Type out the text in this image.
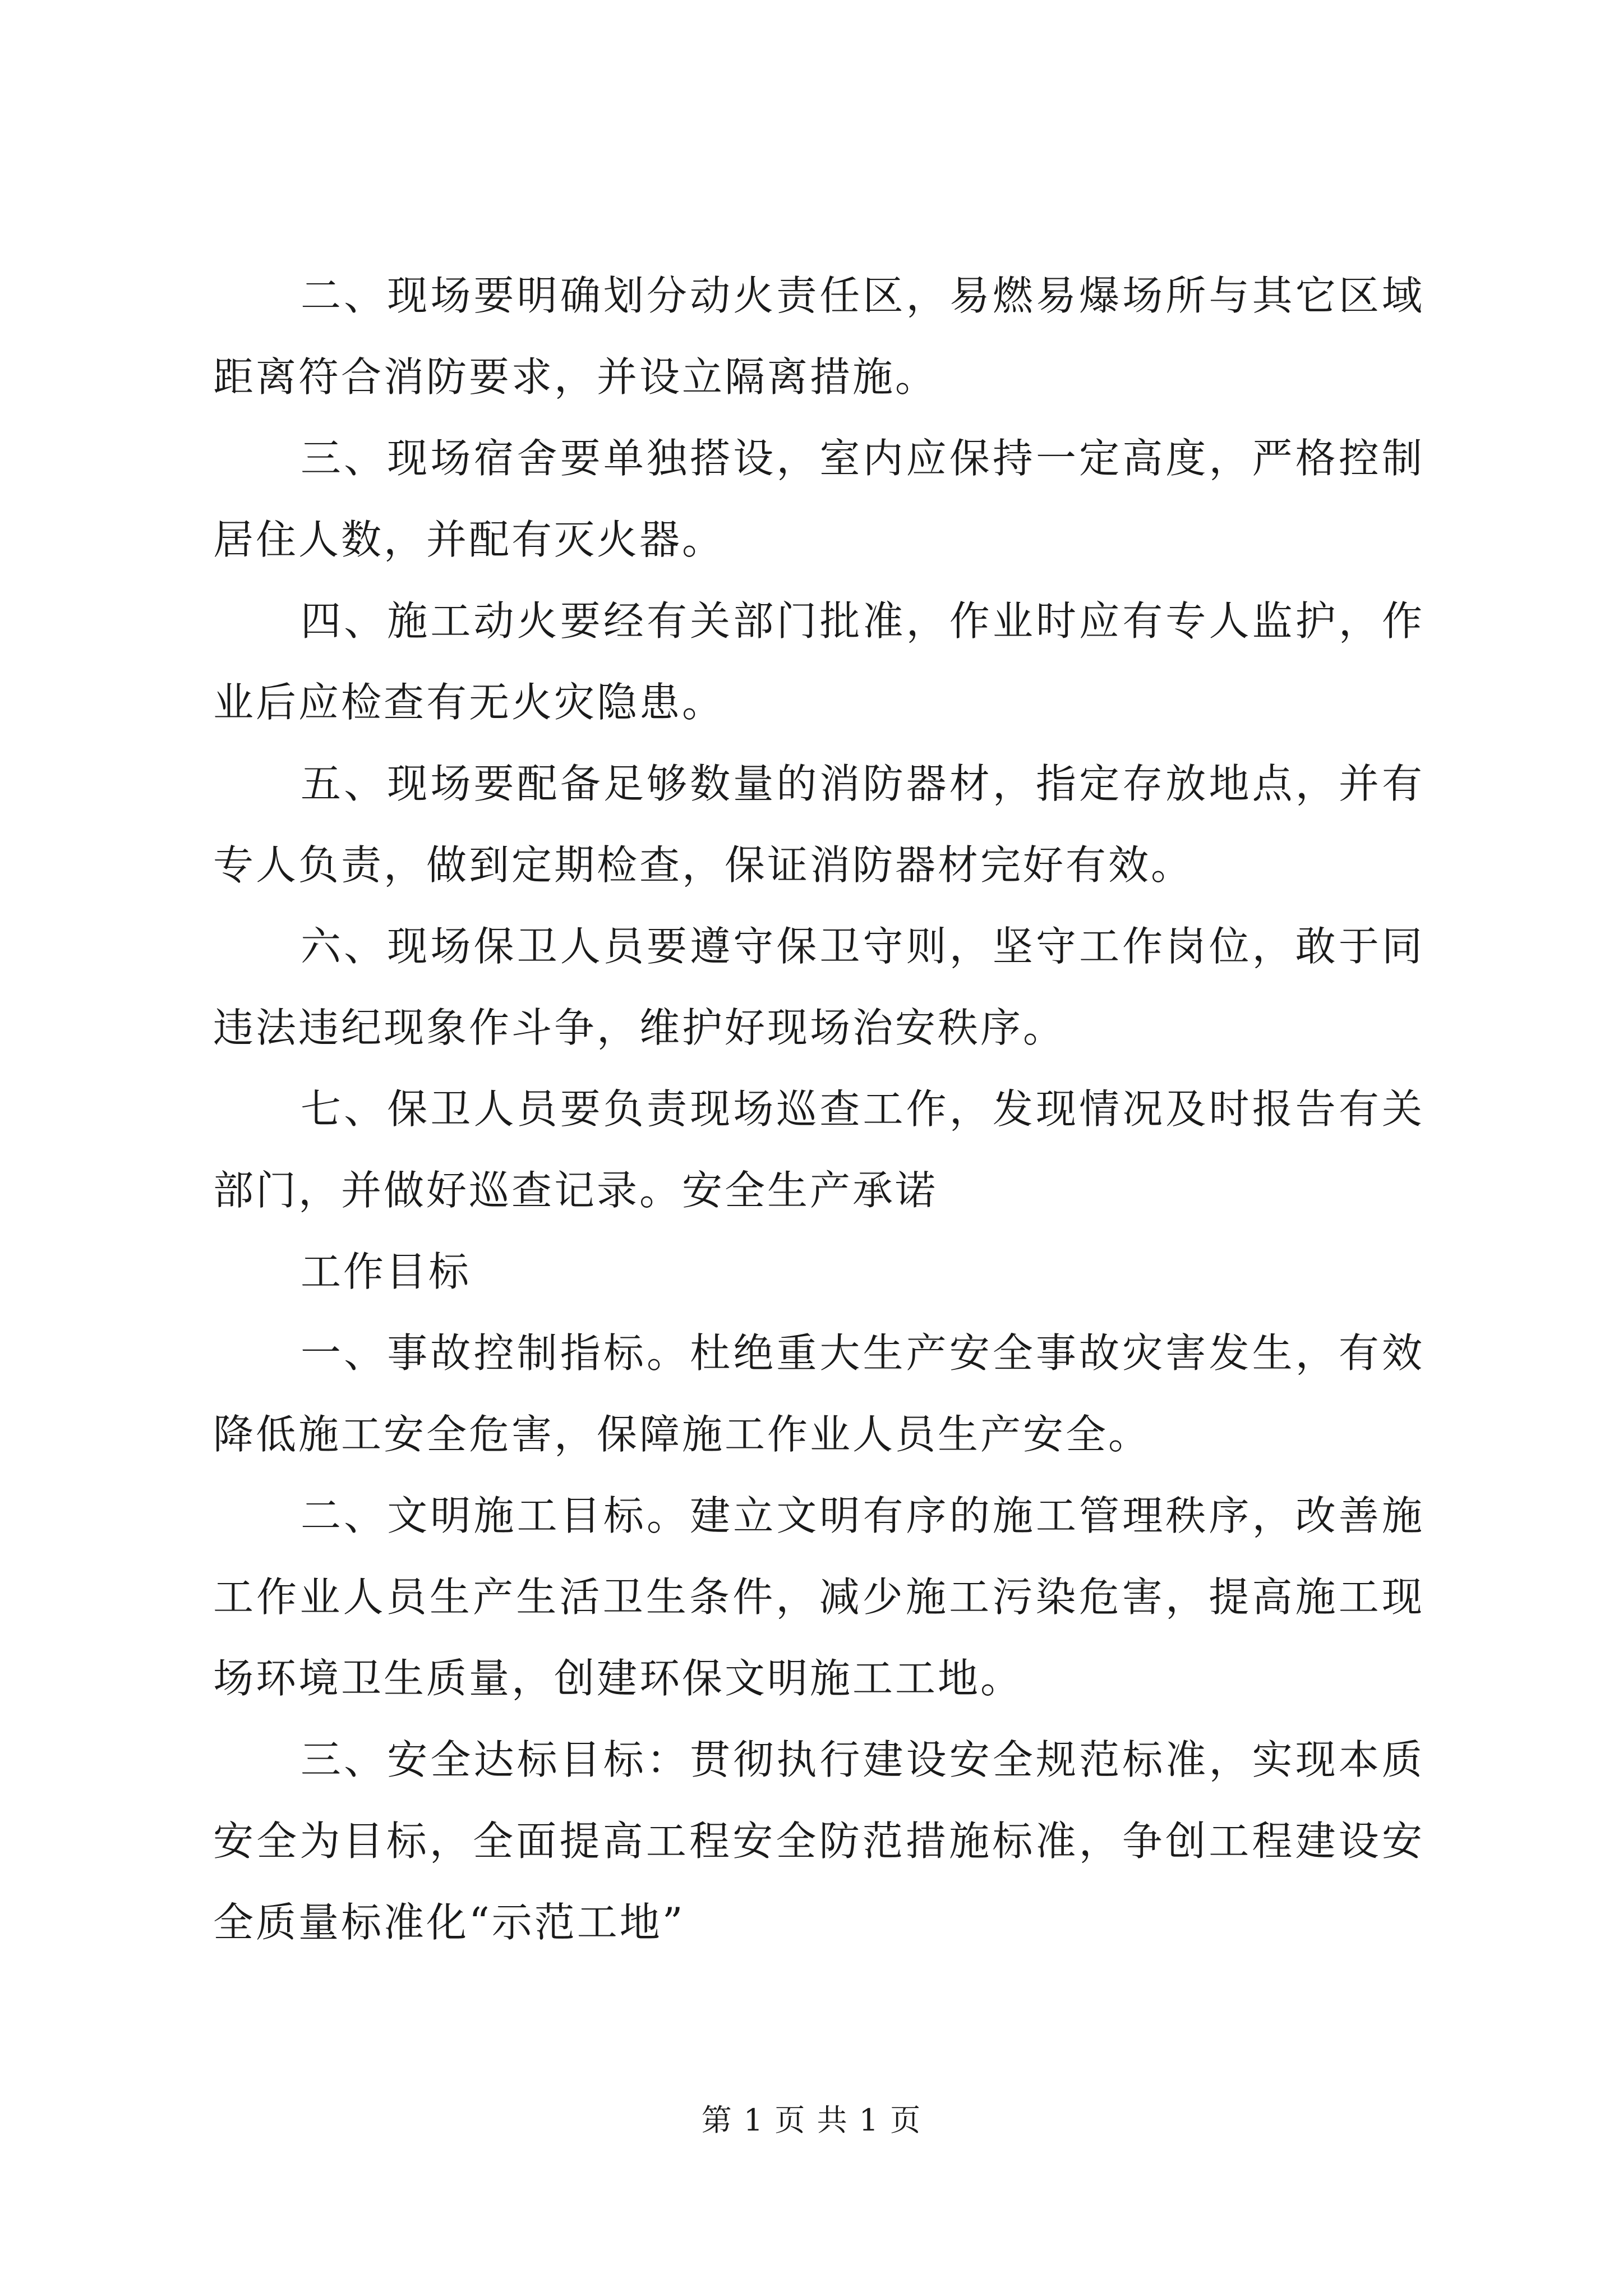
二、现场要明确划分动火责任区，易燃易爆场所与其它区域距离符合消防要求，并设立隔离措施。

三、现场宿舍要单独搭设，室内应保持一定高度，严格控制居住人数，并配有灭火器。

四、施工动火要经有关部门批准，作业时应有专人监护，作业后应检查有无火灾隐患。

五、现场要配备足够数量的消防器材，指定存放地点，并有专人负责，做到定期检查，保证消防器材完好有效。

六、现场保卫人员要遵守保卫守则，坚守工作岗位，敢于同违法违纪现象作斗争，维护好现场治安秩序。

七、保卫人员要负责现场巡查工作，发现情况及时报告有关部门，并做好巡查记录。安全生产承诺

工作目标

一、事故控制指标。杜绝重大生产安全事故灾害发生，有效降低施工安全危害，保障施工作业人员生产安全。

二、文明施工目标。建立文明有序的施工管理秩序，改善施工作业人员生产生活卫生条件，减少施工污染危害，提高施工现场环境卫生质量，创建环保文明施工工地。

三、安全达标目标：贯彻执行建设安全规范标准，实现本质安全为目标，全面提高工程安全防范措施标准，争创工程建设安全质量标准化“示范工地”

第 1 页 共 1 页
